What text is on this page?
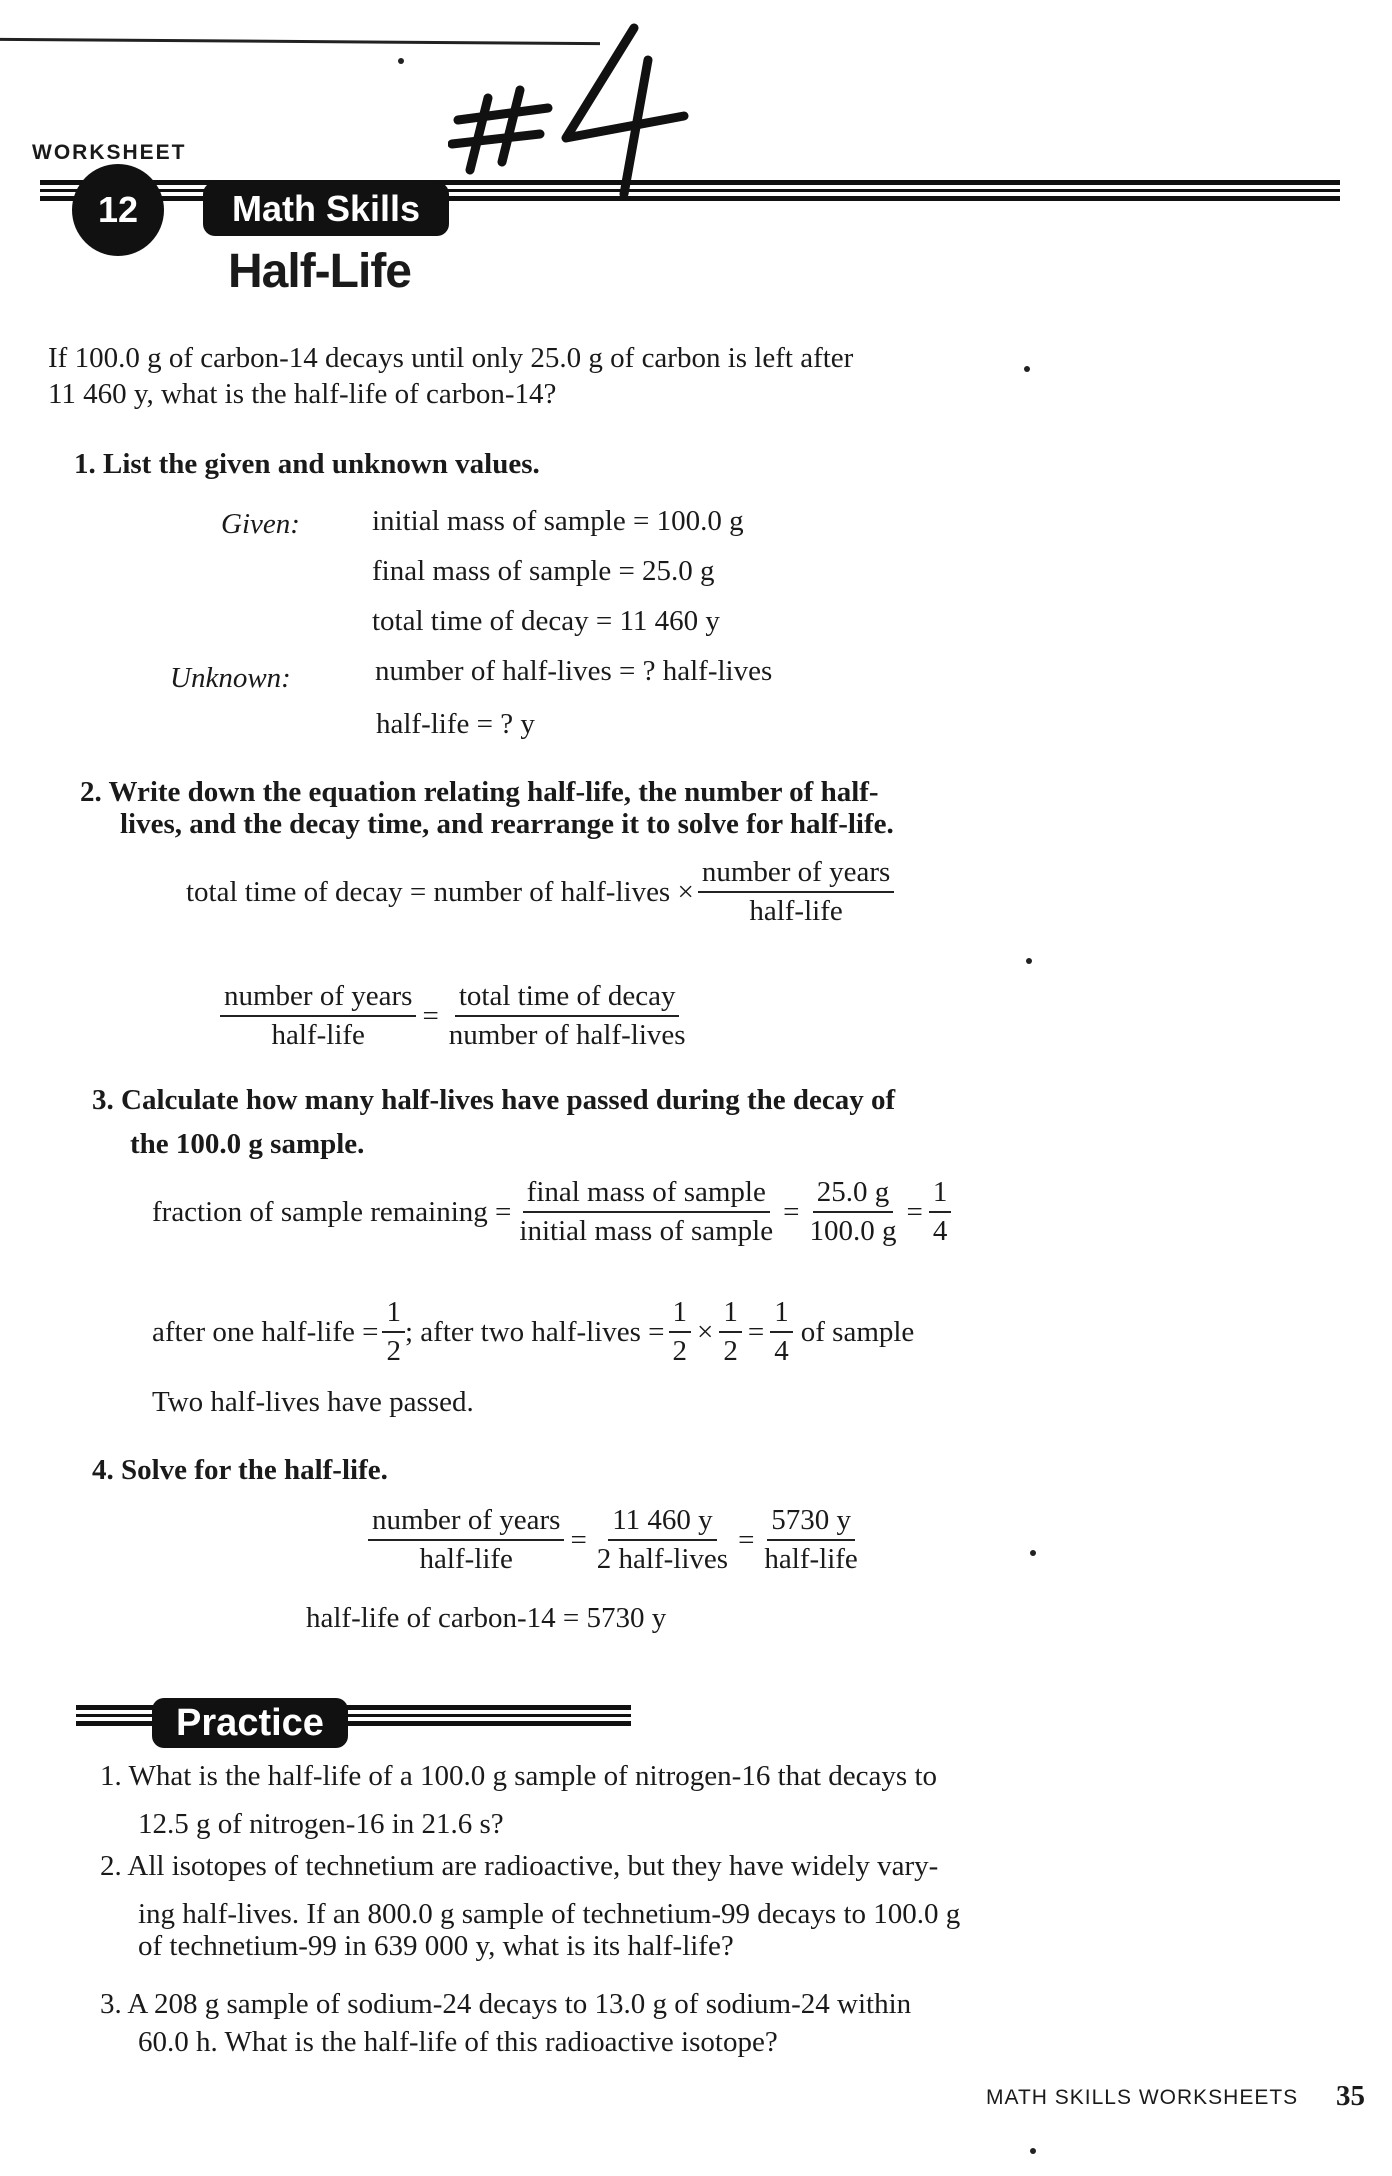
WORKSHEET
12	Math Skills
Half-Life
If 100.0 g of carbon-14 decays until only 25.0 g of carbon is left after
11 460 y, what is the half-life of carbon-14?
1. List the given and unknown values.
Given: initial mass of sample = 100.0 g
final mass of sample = 25.0 g
total time of decay = 11 460 y
Unknown:	number of half-lives = ? half-lives
half-life = ? y
2. Write down the equation relating half-life, the number of half-
lives, and the decay time, and rearrange it to solve for half-life.
total time of decay = number of half-lives × $\frac{\text{number of years}}{\text{half-life}}$
$\frac{\text{number of years}}{\text{half-life}} = \frac{\text{total time of decay}}{\text{number of half-lives}}$
3. Calculate how many half-lives have passed during the decay of
the 100.0 g sample.
fraction of sample remaining = $\frac{\text{final mass of sample}}{\text{initial mass of sample}} = \frac{25.0 g}{100.0 g} = \frac{1}{4}$
after one half-life = $\frac{1}{2}$ ; after two half-lives = $\frac{1}{2} \times \frac{1}{2} = \frac{1}{4}$ of sample
Two half-lives have passed.
4. Solve for the half-life.
$\frac{\text{number of years}}{\text{half-life}} = \frac{11 460 y}{\text{2 half-lives}} = \frac{5730 y}{\text{half-life}}$
half-life of carbon-14 = 5730 y
Practice
1. What is the half-life of a 100.0 g sample of nitrogen-16 that decays to
12.5 g of nitrogen-16 in 21.6 s?
2. All isotopes of technetium are radioactive, but they have widely vary-
ing half-lives. If an 800.0 g sample of technetium-99 decays to 100.0 g
of technetium-99 in 639 000 y, what is its half-life?
3. A 208 g sample of sodium-24 decays to 13.0 g of sodium-24 within
60.0 h. What is the half-life of this radioactive isotope?
MATH SKILLS WORKSHEETS 35
